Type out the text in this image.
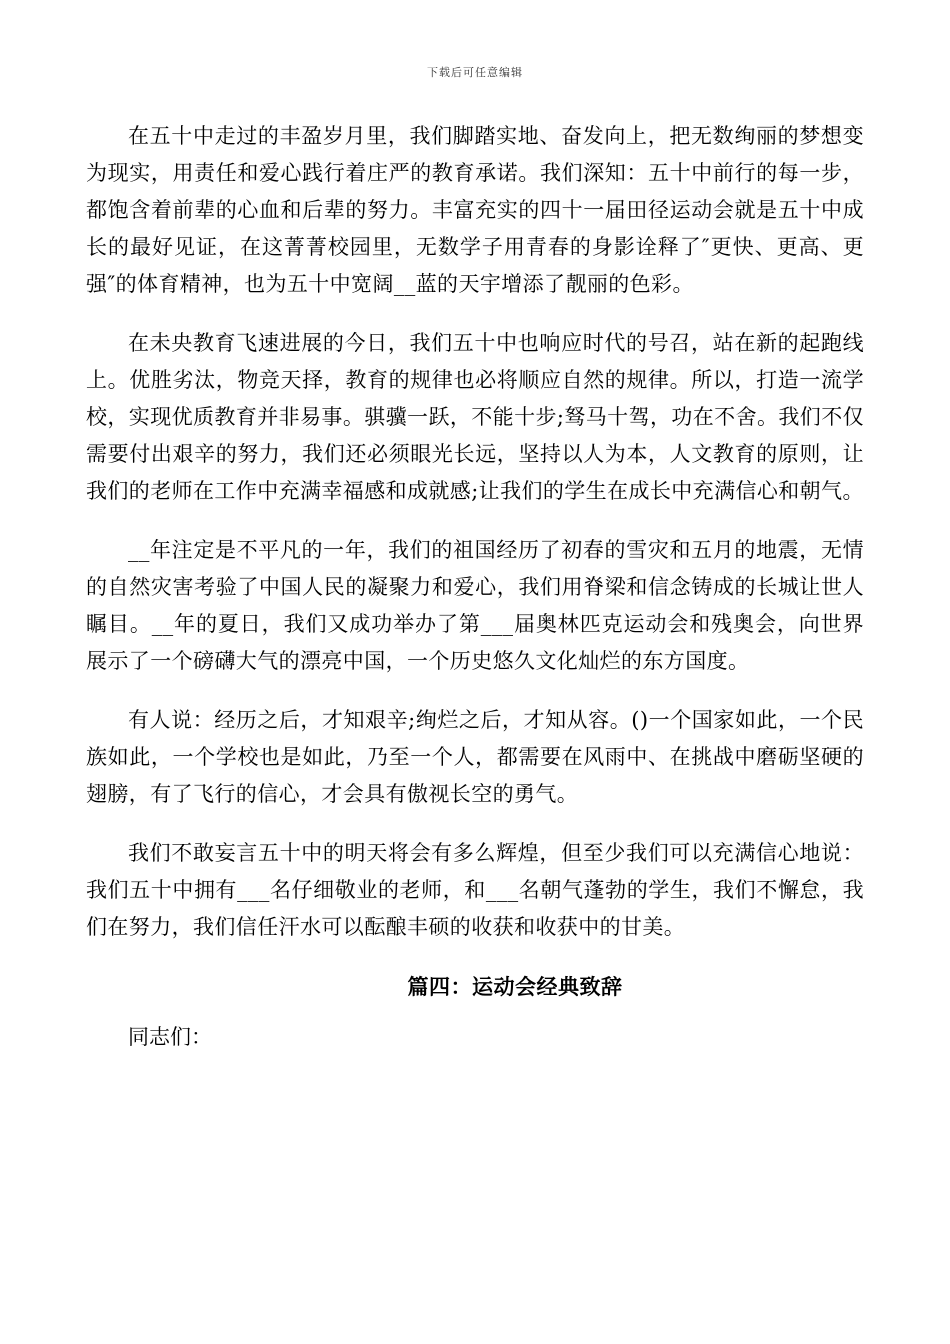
下载后可任意编辑

在五十中走过的丰盈岁月里，我们脚踏实地、奋发向上，把无数绚丽的梦想变为现实，用责任和爱心践行着庄严的教育承诺。我们深知：五十中前行的每一步，都饱含着前辈的心血和后辈的努力。丰富充实的四十一届田径运动会就是五十中成长的最好见证，在这菁菁校园里，无数学子用青春的身影诠释了″更快、更高、更强″的体育精神，也为五十中宽阔__蓝的天宇增添了靓丽的色彩。

在未央教育飞速进展的今日，我们五十中也响应时代的号召，站在新的起跑线上。优胜劣汰，物竞天择，教育的规律也必将顺应自然的规律。所以，打造一流学校，实现优质教育并非易事。骐骥一跃，不能十步;驽马十驾，功在不舍。我们不仅需要付出艰辛的努力，我们还必须眼光长远，坚持以人为本，人文教育的原则，让我们的老师在工作中充满幸福感和成就感;让我们的学生在成长中充满信心和朝气。

__年注定是不平凡的一年，我们的祖国经历了初春的雪灾和五月的地震，无情的自然灾害考验了中国人民的凝聚力和爱心，我们用脊梁和信念铸成的长城让世人瞩目。__年的夏日，我们又成功举办了第___届奥林匹克运动会和残奥会，向世界展示了一个磅礴大气的漂亮中国，一个历史悠久文化灿烂的东方国度。

有人说：经历之后，才知艰辛;绚烂之后，才知从容。()一个国家如此，一个民族如此，一个学校也是如此，乃至一个人，都需要在风雨中、在挑战中磨砺坚硬的翅膀，有了飞行的信心，才会具有傲视长空的勇气。

我们不敢妄言五十中的明天将会有多么辉煌，但至少我们可以充满信心地说：我们五十中拥有___名仔细敬业的老师，和___名朝气蓬勃的学生，我们不懈怠，我们在努力，我们信任汗水可以酝酿丰硕的收获和收获中的甘美。

篇四：运动会经典致辞

同志们：
